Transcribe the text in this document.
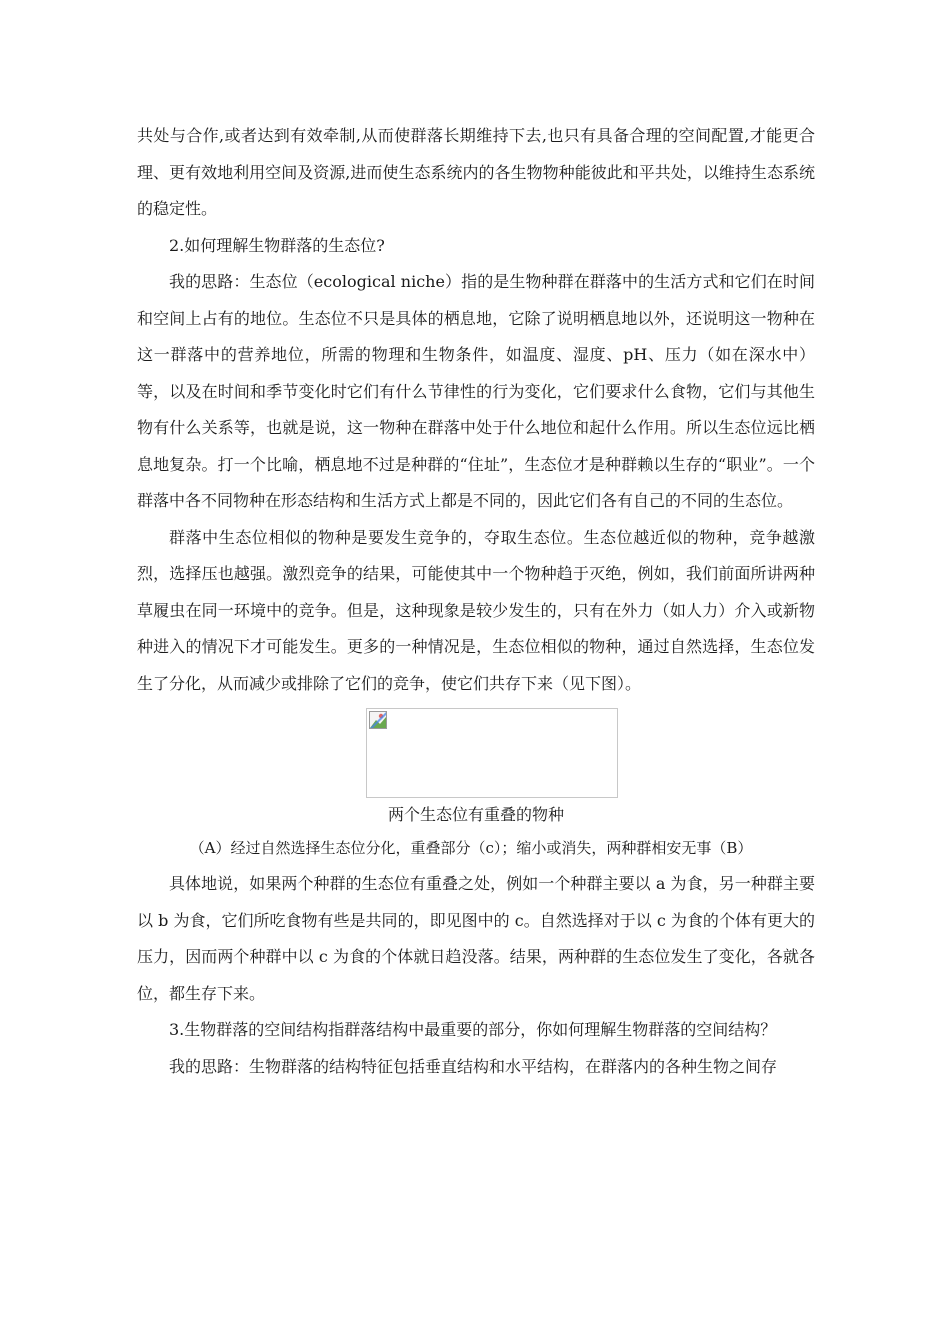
共处与合作,或者达到有效牵制,从而使群落长期维持下去,也只有具备合理的空间配置,才能更合理、更有效地利用空间及资源,进而使生态系统内的各生物物种能彼此和平共处，以维持生态系统的稳定性。

2.如何理解生物群落的生态位?

我的思路：生态位（ecological niche）指的是生物种群在群落中的生活方式和它们在时间和空间上占有的地位。生态位不只是具体的栖息地，它除了说明栖息地以外，还说明这一物种在这一群落中的营养地位，所需的物理和生物条件，如温度、湿度、pH、压力（如在深水中）等，以及在时间和季节变化时它们有什么节律性的行为变化，它们要求什么食物，它们与其他生物有什么关系等，也就是说，这一物种在群落中处于什么地位和起什么作用。所以生态位远比栖息地复杂。打一个比喻，栖息地不过是种群的“住址”，生态位才是种群赖以生存的“职业”。一个群落中各不同物种在形态结构和生活方式上都是不同的，因此它们各有自己的不同的生态位。

群落中生态位相似的物种是要发生竞争的，夺取生态位。生态位越近似的物种，竞争越激烈，选择压也越强。激烈竞争的结果，可能使其中一个物种趋于灭绝，例如，我们前面所讲两种草履虫在同一环境中的竞争。但是，这种现象是较少发生的，只有在外力（如人力）介入或新物种进入的情况下才可能发生。更多的一种情况是，生态位相似的物种，通过自然选择，生态位发生了分化，从而减少或排除了它们的竞争，使它们共存下来（见下图）。

两个生态位有重叠的物种

（A）经过自然选择生态位分化，重叠部分（c）；缩小或消失，两种群相安无事（B）

具体地说，如果两个种群的生态位有重叠之处，例如一个种群主要以 a 为食，另一种群主要以 b 为食，它们所吃食物有些是共同的，即见图中的 c。自然选择对于以 c 为食的个体有更大的压力，因而两个种群中以 c 为食的个体就日趋没落。结果，两种群的生态位发生了变化，各就各位，都生存下来。

3.生物群落的空间结构指群落结构中最重要的部分，你如何理解生物群落的空间结构？

我的思路：生物群落的结构特征包括垂直结构和水平结构，在群落内的各种生物之间存
